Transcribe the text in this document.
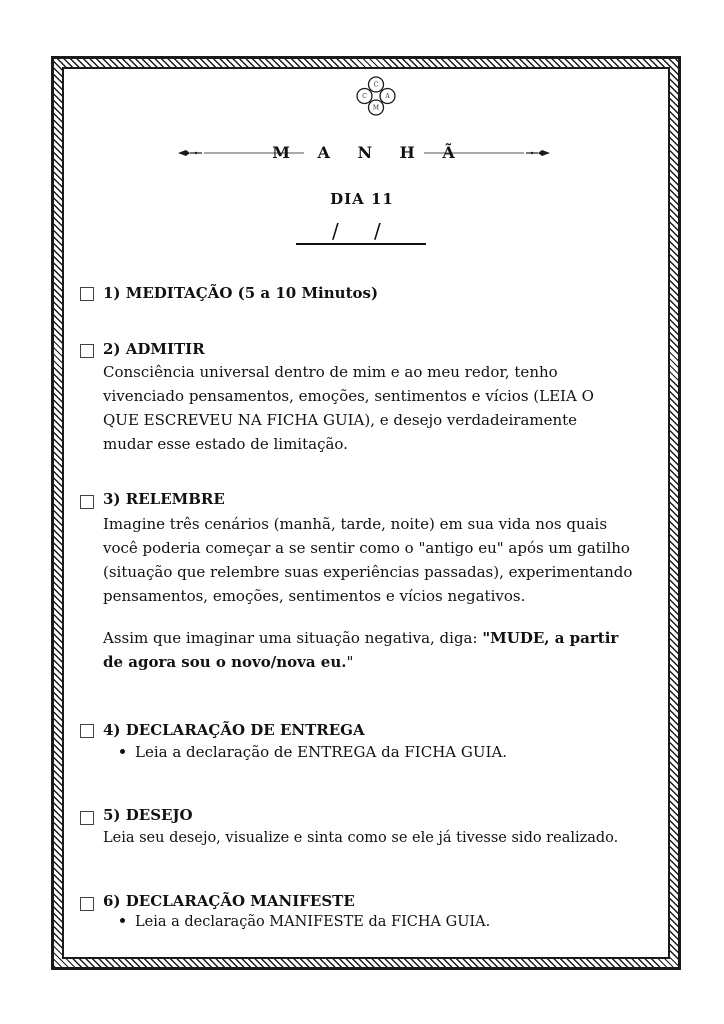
C
C	A
M
M A N H Ã
DIA 11
/ /
1) MEDITAÇÃO (5 a 10 Minutos)
2) ADMITIR
Consciência universal dentro de mim e ao meu redor, tenho
vivenciado pensamentos, emoções, sentimentos e vícios (LEIA O
QUE ESCREVEU NA FICHA GUIA), e desejo verdadeiramente
mudar esse estado de limitação.
3) RELEMBRE
Imagine três cenários (manhã, tarde, noite) em sua vida nos quais
você poderia começar a se sentir como o "antigo eu" após um gatilho
(situação que relembre suas experiências passadas), experimentando
pensamentos, emoções, sentimentos e vícios negativos.
Assim que imaginar uma situação negativa, diga: "MUDE, a partir
de agora sou o novo/nova eu."
4) DECLARAÇÃO DE ENTREGA
Leia a declaração de ENTREGA da FICHA GUIA.
5) DESEJO
Leia seu desejo, visualize e sinta como se ele já tivesse sido realizado.
6) DECLARAÇÃO MANIFESTE
Leia a declaração MANIFESTE da FICHA GUIA.
